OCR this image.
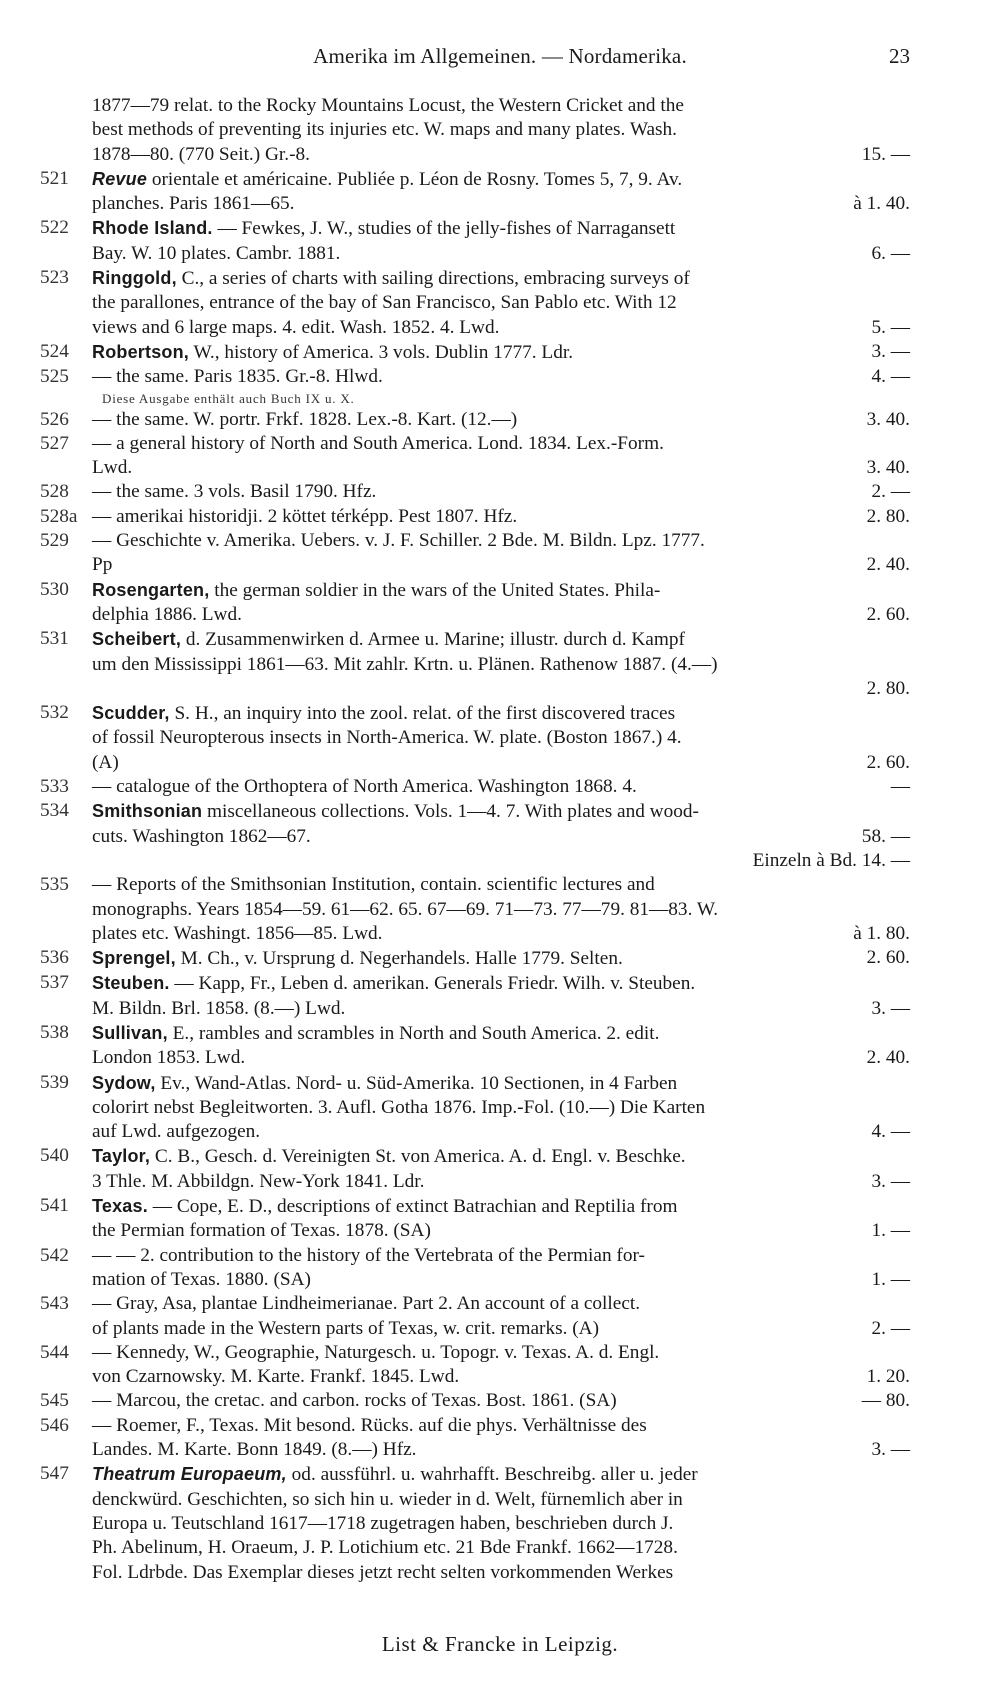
Amerika im Allgemeinen. — Nordamerika.	23
1877—79 relat. to the Rocky Mountains Locust, the Western Cricket and the
best methods of preventing its injuries etc. W. maps and many plates. Wash.
1878—80. (770 Seit.) Gr.-8.	15. —
521 Revue orientale et américaine. Publiée p. Léon de Rosny. Tomes 5, 7, 9. Av.
planches. Paris 1861—65.	à 1. 40.
522 Rhode Island. — Fewkes, J. W., studies of the jelly-fishes of Narragansett
Bay. W. 10 plates. Cambr. 1881.	6. —
523 Ringgold, C., a series of charts with sailing directions, embracing surveys of
the parallones, entrance of the bay of San Francisco, San Pablo etc. With 12
views and 6 large maps. 4. edit. Wash. 1852. 4. Lwd.	5. —
524 Robertson, W., history of America. 3 vols. Dublin 1777. Ldr.	3. —
525 — the same. Paris 1835. Gr.-8. Hlwd.	4. —
Diese Ausgabe enthält auch Buch IX u. X.
526 — the same. W. portr. Frkf. 1828. Lex.-8. Kart. (12.—)	3. 40.
527 — a general history of North and South America. Lond. 1834. Lex.-Form.
Lwd.	3. 40.
528 — the same. 3 vols. Basil 1790. Hfz.	2. —
528a — amerikai historidji. 2 köttet térképp. Pest 1807. Hfz.	2. 80.
529 — Geschichte v. Amerika. Uebers. v. J. F. Schiller. 2 Bde. M. Bildn. Lpz. 1777.
Pp	2. 40.
530 Rosengarten, the german soldier in the wars of the United States. Phila-
delphia 1886. Lwd.	2. 60.
531 Scheibert, d. Zusammenwirken d. Armee u. Marine; illustr. durch d. Kampf
um den Mississippi 1861—63. Mit zahlr. Krtn. u. Plänen. Rathenow 1887. (4.—)
2. 80.
532 Scudder, S. H., an inquiry into the zool. relat. of the first discovered traces
of fossil Neuropterous insects in North-America. W. plate. (Boston 1867.) 4.
(A)	2. 60.
533 — catalogue of the Orthoptera of North America. Washington 1868. 4.	—
534 Smithsonian miscellaneous collections. Vols. 1—4. 7. With plates and wood-
cuts. Washington 1862—67.	58. —
Einzeln à Bd. 14. —
535 — Reports of the Smithsonian Institution, contain. scientific lectures and
monographs. Years 1854—59. 61—62. 65. 67—69. 71—73. 77—79. 81—83. W.
plates etc. Washingt. 1856—85. Lwd.	à 1. 80.
536 Sprengel, M. Ch., v. Ursprung d. Negerhandels. Halle 1779. Selten.	2. 60.
537 Steuben. — Kapp, Fr., Leben d. amerikan. Generals Friedr. Wilh. v. Steuben.
M. Bildn. Brl. 1858. (8.—) Lwd.	3. —
538 Sullivan, E., rambles and scrambles in North and South America. 2. edit.
London 1853. Lwd.	2. 40.
539 Sydow, Ev., Wand-Atlas. Nord- u. Süd-Amerika. 10 Sectionen, in 4 Farben
colorirt nebst Begleitworten. 3. Aufl. Gotha 1876. Imp.-Fol. (10.—) Die Karten
auf Lwd. aufgezogen.	4. —
540 Taylor, C. B., Gesch. d. Vereinigten St. von America. A. d. Engl. v. Beschke.
3 Thle. M. Abbildgn. New-York 1841. Ldr.	3. —
541 Texas. — Cope, E. D., descriptions of extinct Batrachian and Reptilia from
the Permian formation of Texas. 1878. (SA)	1. —
542 — — 2. contribution to the history of the Vertebrata of the Permian for-
mation of Texas. 1880. (SA)	1. —
543 — Gray, Asa, plantae Lindheimerianae. Part 2. An account of a collect.
of plants made in the Western parts of Texas, w. crit. remarks. (A)	2. —
544 — Kennedy, W., Geographie, Naturgesch. u. Topogr. v. Texas. A. d. Engl.
von Czarnowsky. M. Karte. Frankf. 1845. Lwd.	1. 20.
545 — Marcou, the cretac. and carbon. rocks of Texas. Bost. 1861. (SA)	— 80.
546 — Roemer, F., Texas. Mit besond. Rücks. auf die phys. Verhältnisse des
Landes. M. Karte. Bonn 1849. (8.—) Hfz.	3. —
547 Theatrum Europaeum, od. aussführl. u. wahrhafft. Beschreibg. aller u. jeder
denckwürd. Geschichten, so sich hin u. wieder in d. Welt, fürnemlich aber in
Europa u. Teutschland 1617—1718 zugetragen haben, beschrieben durch J.
Ph. Abelinum, H. Oraeum, J. P. Lotichium etc. 21 Bde Frankf. 1662—1728.
Fol. Ldrbde. Das Exemplar dieses jetzt recht selten vorkommenden Werkes
List & Francke in Leipzig.
